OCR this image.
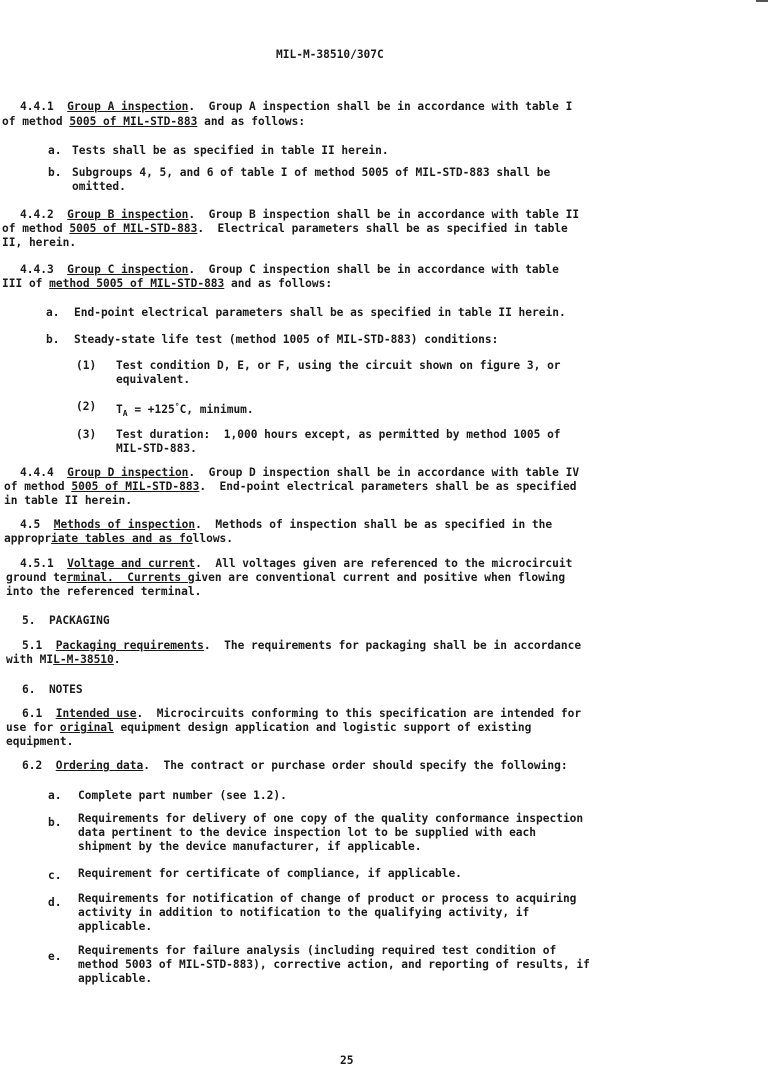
MIL-M-38510/307C
4.4.1 Group A inspection.  Group A inspection shall be in accordance with table I
of method 5005 of MIL-STD-883 and as follows:
a. Tests shall be as specified in table II herein.
b. Subgroups 4, 5, and 6 of table I of method 5005 of MIL-STD-883 shall be
omitted.
4.4.2 Group B inspection.  Group B inspection shall be in accordance with table II
of method 5005 of MIL-STD-883.  Electrical parameters shall be as specified in table
II, herein.
4.4.3 Group C inspection.  Group C inspection shall be in accordance with table
III of method 5005 of MIL-STD-883 and as follows:
a. End-point electrical parameters shall be as specified in table II herein.
b. Steady-state life test (method 1005 of MIL-STD-883) conditions:
(1) Test condition D, E, or F, using the circuit shown on figure 3, or
equivalent.
(2) $T_A = +125^\circ C$, minimum.
(3) Test duration:  1,000 hours except, as permitted by method 1005 of
MIL-STD-883.
4.4.4 Group D inspection.  Group D inspection shall be in accordance with table IV
of method 5005 of MIL-STD-883.  End-point electrical parameters shall be as specified
in table II herein.
4.5 Methods of inspection.  Methods of inspection shall be as specified in the
appropriate tables and as follows.
4.5.1 Voltage and current.  All voltages given are referenced to the microcircuit
ground terminal.  Currents given are conventional current and positive when flowing
into the referenced terminal.
5.  PACKAGING
5.1 Packaging requirements.  The requirements for packaging shall be in accordance
with MIL-M-38510.
6.  NOTES
6.1 Intended use.  Microcircuits conforming to this specification are intended for
use for original equipment design application and logistic support of existing
equipment.
6.2 Ordering data.  The contract or purchase order should specify the following:
a. Complete part number (see 1.2).
b. Requirements for delivery of one copy of the quality conformance inspection
data pertinent to the device inspection lot to be supplied with each
shipment by the device manufacturer, if applicable.
c. Requirement for certificate of compliance, if applicable.
d. Requirements for notification of change of product or process to acquiring
activity in addition to notification to the qualifying activity, if
applicable.
e. Requirements for failure analysis (including required test condition of
method 5003 of MIL-STD-883), corrective action, and reporting of results, if
applicable.
25
